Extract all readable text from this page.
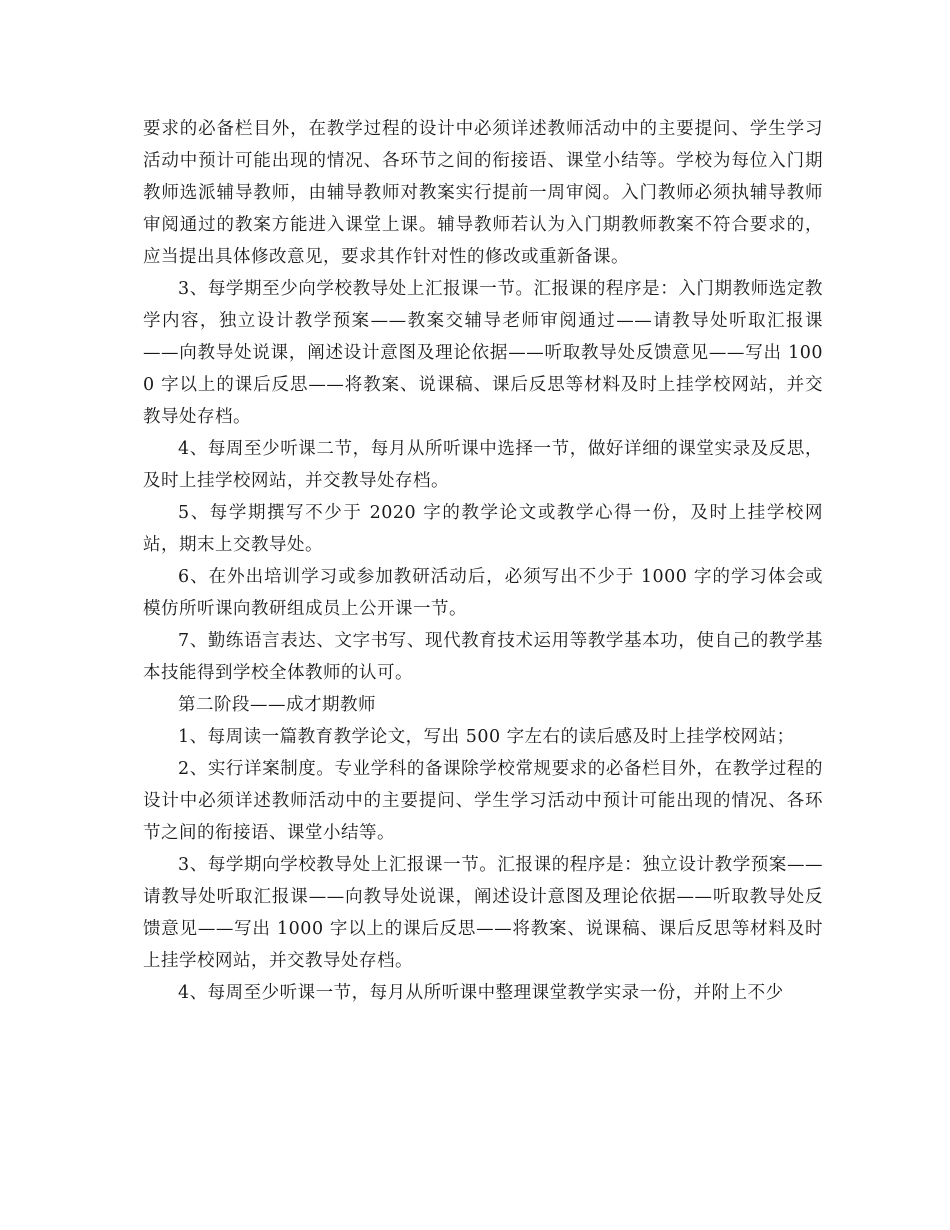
要求的必备栏目外，在教学过程的设计中必须详述教师活动中的主要提问、学生学习活动中预计可能出现的情况、各环节之间的衔接语、课堂小结等。学校为每位入门期教师选派辅导教师，由辅导教师对教案实行提前一周审阅。入门教师必须执辅导教师审阅通过的教案方能进入课堂上课。辅导教师若认为入门期教师教案不符合要求的，应当提出具体修改意见，要求其作针对性的修改或重新备课。

3、每学期至少向学校教导处上汇报课一节。汇报课的程序是：入门期教师选定教学内容，独立设计教学预案——教案交辅导老师审阅通过——请教导处听取汇报课——向教导处说课，阐述设计意图及理论依据——听取教导处反馈意见——写出 1000 字以上的课后反思——将教案、说课稿、课后反思等材料及时上挂学校网站，并交教导处存档。

4、每周至少听课二节，每月从所听课中选择一节，做好详细的课堂实录及反思，及时上挂学校网站，并交教导处存档。

5、每学期撰写不少于 2020 字的教学论文或教学心得一份，及时上挂学校网站，期末上交教导处。

6、在外出培训学习或参加教研活动后，必须写出不少于 1000 字的学习体会或模仿所听课向教研组成员上公开课一节。

7、勤练语言表达、文字书写、现代教育技术运用等教学基本功，使自己的教学基本技能得到学校全体教师的认可。

第二阶段——成才期教师

1、每周读一篇教育教学论文，写出 500 字左右的读后感及时上挂学校网站；

2、实行详案制度。专业学科的备课除学校常规要求的必备栏目外，在教学过程的设计中必须详述教师活动中的主要提问、学生学习活动中预计可能出现的情况、各环节之间的衔接语、课堂小结等。

3、每学期向学校教导处上汇报课一节。汇报课的程序是：独立设计教学预案——请教导处听取汇报课——向教导处说课，阐述设计意图及理论依据——听取教导处反馈意见——写出 1000 字以上的课后反思——将教案、说课稿、课后反思等材料及时上挂学校网站，并交教导处存档。

4、每周至少听课一节，每月从所听课中整理课堂教学实录一份，并附上不少
